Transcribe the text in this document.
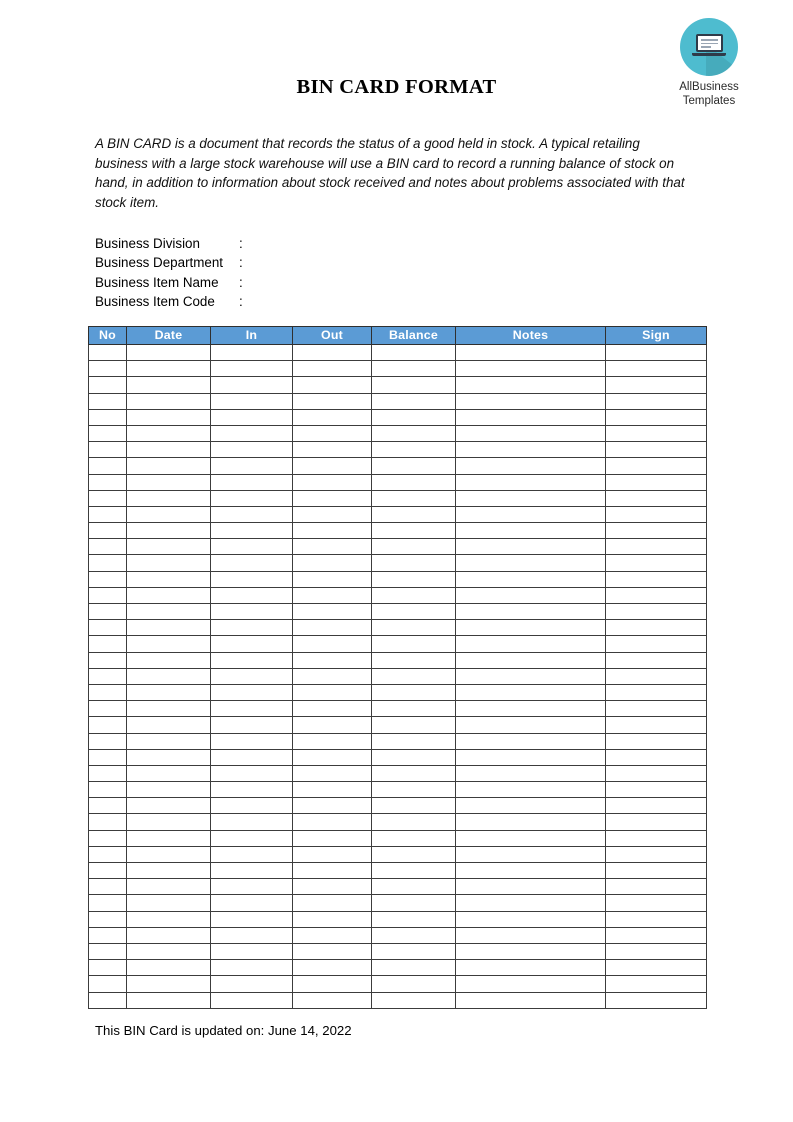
AllBusiness
Templates
BIN CARD FORMAT
A BIN CARD is a document that records the status of a good held in stock. A typical retailing business with a large stock warehouse will use a BIN card to record a running balance of stock on hand, in addition to information about stock received and notes about problems associated with that stock item.
Business Division	:
Business Department	:
Business Item Name	:
Business Item Code	:
No	Date	In	Out	Balance	Notes	Sign

This BIN Card is updated on: June 14, 2022
